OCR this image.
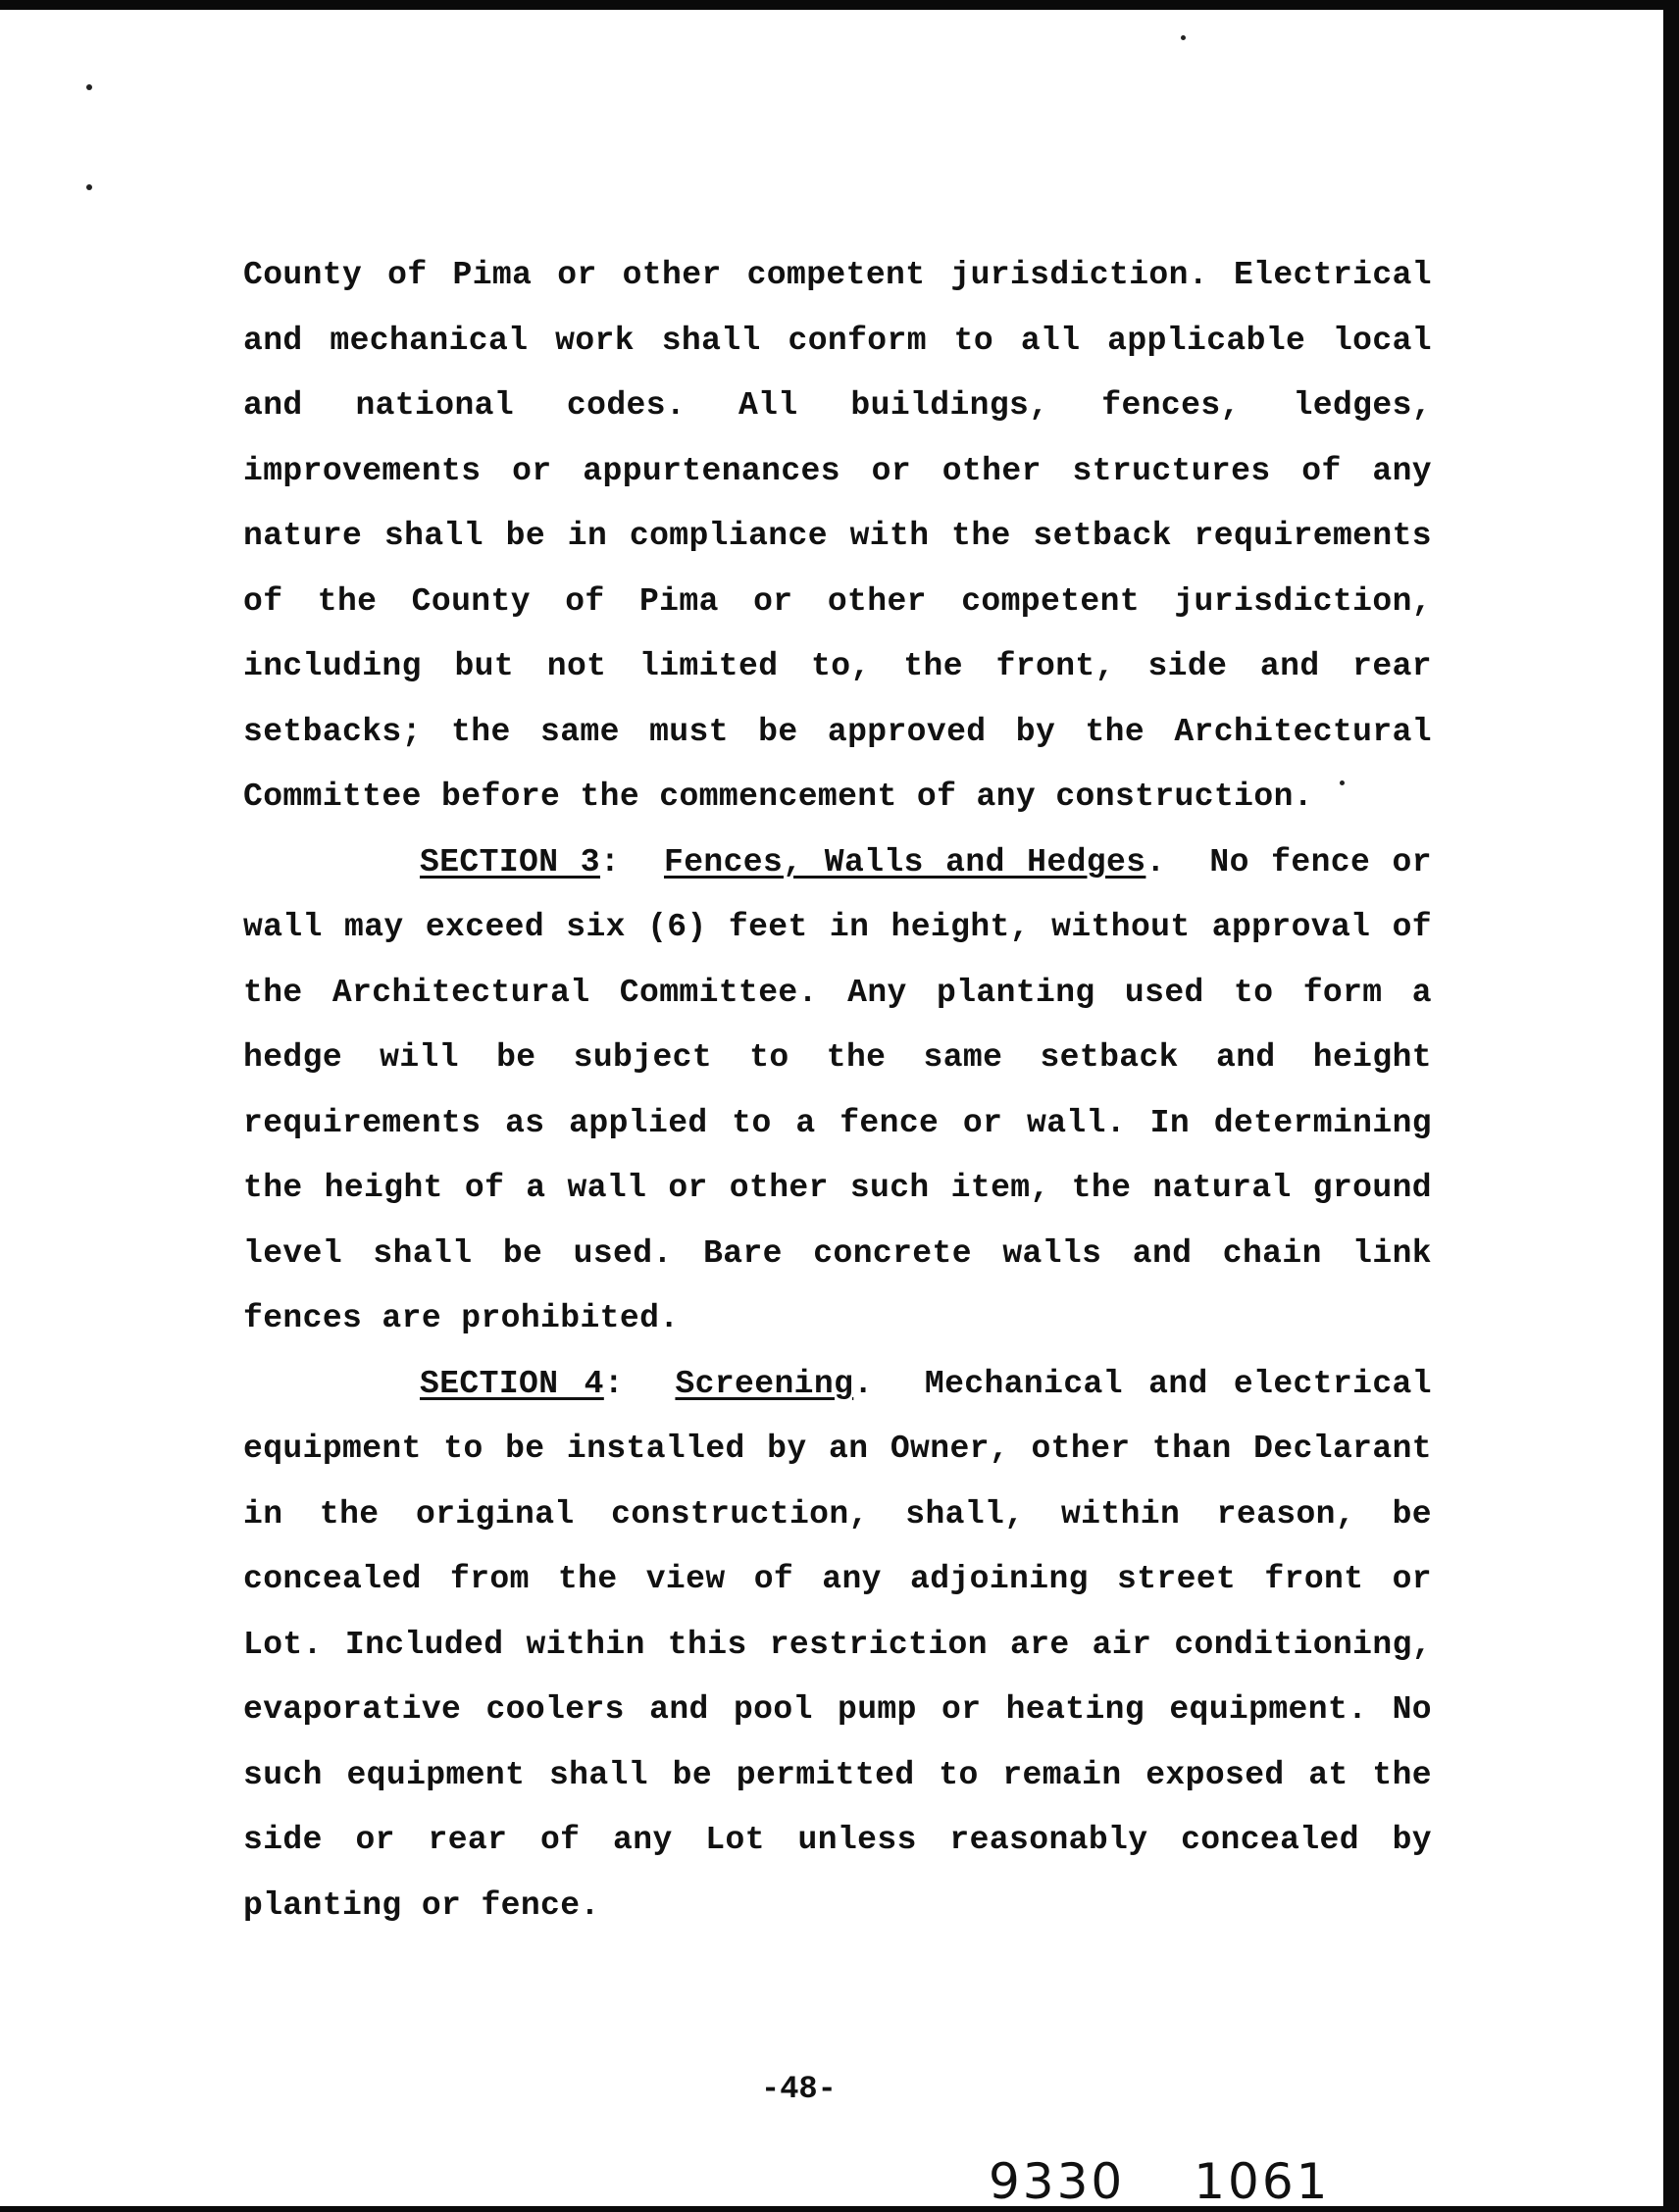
County of Pima or other competent jurisdiction. Electrical and mechanical work shall conform to all applicable local and national codes. All buildings, fences, ledges, improvements or appurtenances or other structures of any nature shall be in compliance with the setback requirements of the County of Pima or other competent jurisdiction, including but not limited to, the front, side and rear setbacks; the same must be approved by the Architectural Committee before the commencement of any construction.

SECTION 3:  Fences, Walls and Hedges.  No fence or wall may exceed six (6) feet in height, without approval of the Architectural Committee. Any planting used to form a hedge will be subject to the same setback and height requirements as applied to a fence or wall. In determining the height of a wall or other such item, the natural ground level shall be used. Bare concrete walls and chain link fences are prohibited.

SECTION 4:  Screening.  Mechanical and electrical equipment to be installed by an Owner, other than Declarant in the original construction, shall, within reason, be concealed from the view of any adjoining street front or Lot. Included within this restriction are air conditioning, evaporative coolers and pool pump or heating equipment. No such equipment shall be permitted to remain exposed at the side or rear of any Lot unless reasonably concealed by planting or fence.

-48-
9330 1061
